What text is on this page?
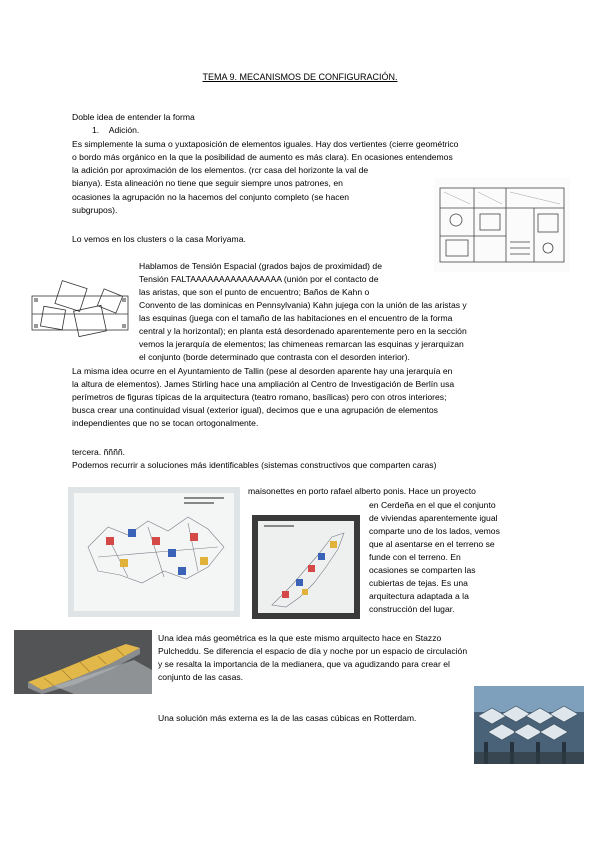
TEMA 9. MECANISMOS DE CONFIGURACIÓN.
Doble idea de entender la forma
1.    Adición.
Es simplemente la suma o yuxtaposición de elementos iguales. Hay dos vertientes (cierre geométrico
o bordo más orgánico en la que la posibilidad de aumento es más clara). En ocasiones entendemos
la adición por aproximación de los elementos. (rcr casa del horizonte la val de
bianya). Esta alineación no tiene que seguir siempre unos patrones, en
ocasiones la agrupación no la hacemos del conjunto completo (se hacen
subgrupos).
Lo vemos en los clusters o la casa Moriyama.
Hablamos de Tensión Espacial (grados bajos de proximidad) de
Tensión FALTAAAAAAAAAAAAAAAA (unión por el contacto de
las aristas, que son el punto de encuentro; Baños de Kahn o
Convento de las dominicas en Pennsylvania) Kahn jujega con la unión de las aristas y
las esquinas (juega con el tamaño de las habitaciones en el encuentro de la forma
central y la horizontal); en planta está desordenado aparentemente pero en la sección
vemos la jerarquía de elementos; las chimeneas remarcan las esquinas y jerarquizan
el conjunto (borde determinado que contrasta con el desorden interior).
La misma idea ocurre en el Ayuntamiento de Tallin (pese al desorden aparente hay una jerarquía en
la altura de elementos). James Stirling hace una ampliación al Centro de Investigación de Berlín usa
perímetros de figuras típicas de la arquitectura (teatro romano, basílicas) pero con otros interiores;
busca crear una continuidad visual (exterior igual), decimos que e una agrupación de elementos
independientes que no se tocan ortogonalmente.
tercera. ññññ.
Podemos recurrir a soluciones más identificables (sistemas constructivos que comparten caras)
maisonettes en porto rafael alberto ponis. Hace un proyecto
en Cerdeña en el que el conjunto
de viviendas aparentemente igual
comparte uno de los lados, vemos
que al asentarse en el terreno se
funde con el terreno. En
ocasiones se comparten las
cubiertas de tejas. Es una
arquitectura adaptada a la
construcción del lugar.
Una idea más geométrica es la que este mismo arquitecto hace en Stazzo
Pulcheddu. Se diferencia el espacio de día y noche por un espacio de circulación
y se resalta la importancia de la medianera, que va agudizando para crear el
conjunto de las casas.
Una solución más externa es la de las casas cúbicas en Rotterdam.
